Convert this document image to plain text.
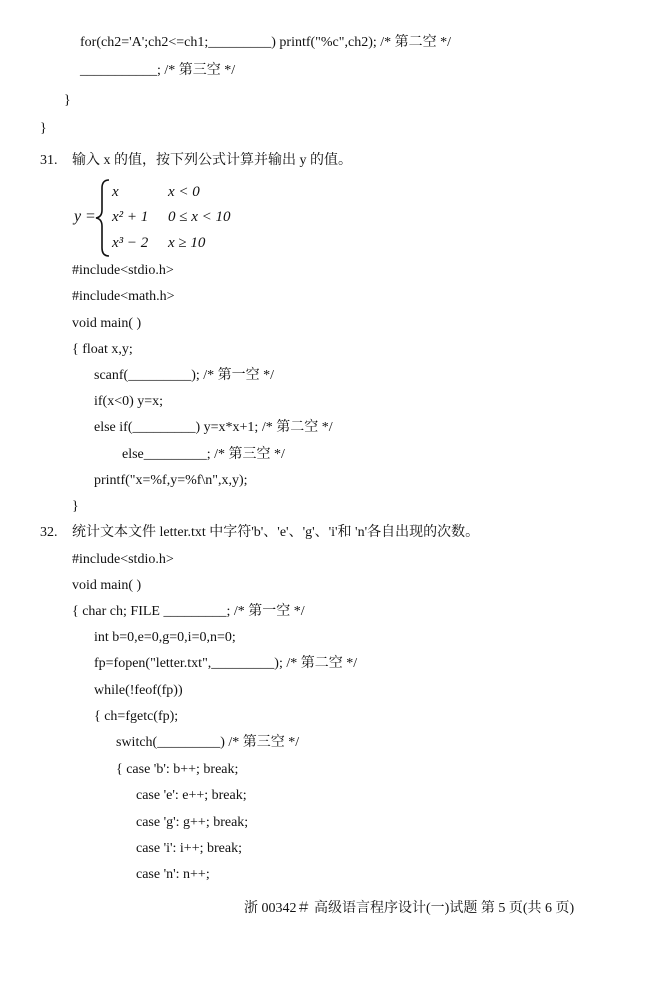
for(ch2='A';ch2<=ch1;_________) printf("%c",ch2); /* 第二空 */
___________; /* 第三空 */
}
}
31. 输入 x 的值，按下列公式计算并输出 y 的值。
y =
x	x < 0
x² + 1 0 ≤ x < 10
x³ − 2 x ≥ 10
#include<stdio.h>
#include<math.h>
void main( )
{ float x,y;
scanf(_________); /* 第一空 */
if(x<0) y=x;
else if(_________) y=x*x+1; /* 第二空 */
else_________; /* 第三空 */
printf("x=%f,y=%f\n",x,y);
}
32. 统计文本文件 letter.txt 中字符'b'、'e'、'g'、'i'和 'n'各自出现的次数。
#include<stdio.h>
void main( )
{ char ch; FILE _________; /* 第一空 */
int b=0,e=0,g=0,i=0,n=0;
fp=fopen("letter.txt",_________); /* 第二空 */
while(!feof(fp))
{ ch=fgetc(fp);
switch(_________) /* 第三空 */
{ case 'b': b++; break;
case 'e': e++; break;
case 'g': g++; break;
case 'i': i++; break;
case 'n': n++;
浙 00342＃ 高级语言程序设计(一)试题 第 5 页(共 6 页)
